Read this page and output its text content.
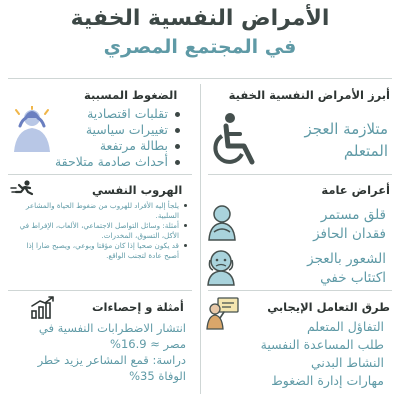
الأمراض النفسية الخفية
في المجتمع المصري
أبرز الأمراض النفسية الخفية
متلازمة العجز
المتعلم
الضغوط المسببة
تقلبات اقتصادية
تغييرات سياسية
بطالة مرتفعة
أحداث صادمة متلاحقة
الهروب النفسي
يلجأ إليه الأفراد للهروب من ضغوط الحياة والمشاعر السلبية.
أمثلة: وسائل التواصل الاجتماعي، الألعاب، الإفراط في الأكل، التسوق، المخدرات.
قد يكون صحيا إذا كان مؤقتا وبوعي، ويصبح ضارا إذا أصبح عادة لتجنب الواقع.
أعراض عامة
قلق مستمر
فقدان الحافز
الشعور بالعجز
اكتئاب خفي
أمثلة و إحصاءات
انتشار الاضطرابات النفسية في
مصر ≈ 16.9%
دراسة: قمع المشاعر يزيد خطر
الوفاة 35%
طرق التعامل الإيجابي
التفاؤل المتعلم
طلب المساعدة النفسية
النشاط البدني
مهارات إدارة الضغوط
